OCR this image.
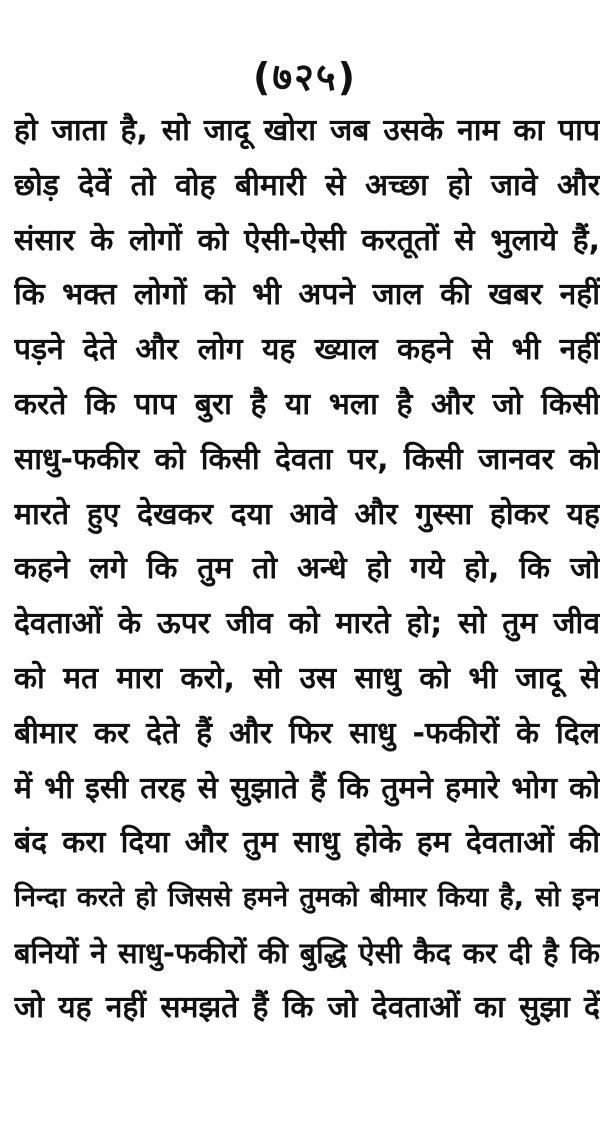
(७२५)
हो जाता है, सो जादू खोरा जब उसके नाम का पाप
छोड़ देवें तो वोह बीमारी से अच्छा हो जावे और
संसार के लोगों को ऐसी-ऐसी करतूतों से भुलाये हैं,
कि भक्त लोगों को भी अपने जाल की खबर नहीं
पड़ने देते और लोग यह ख्याल कहने से भी नहीं
करते कि पाप बुरा है या भला है और जो किसी
साधु-फकीर को किसी देवता पर, किसी जानवर को
मारते हुए देखकर दया आवे और गुस्सा होकर यह
कहने लगे कि तुम तो अन्धे हो गये हो, कि जो
देवताओं के ऊपर जीव को मारते हो; सो तुम जीव
को मत मारा करो, सो उस साधु को भी जादू से
बीमार कर देते हैं और फिर साधु -फकीरों के दिल
में भी इसी तरह से सुझाते हैं कि तुमने हमारे भोग को
बंद करा दिया और तुम साधु होके हम देवताओं की
निन्दा करते हो जिससे हमने तुमको बीमार किया है, सो इन
बनियों ने साधु-फकीरों की बुद्धि ऐसी कैद कर दी है कि
जो यह नहीं समझते हैं कि जो देवताओं का सुझा दें
